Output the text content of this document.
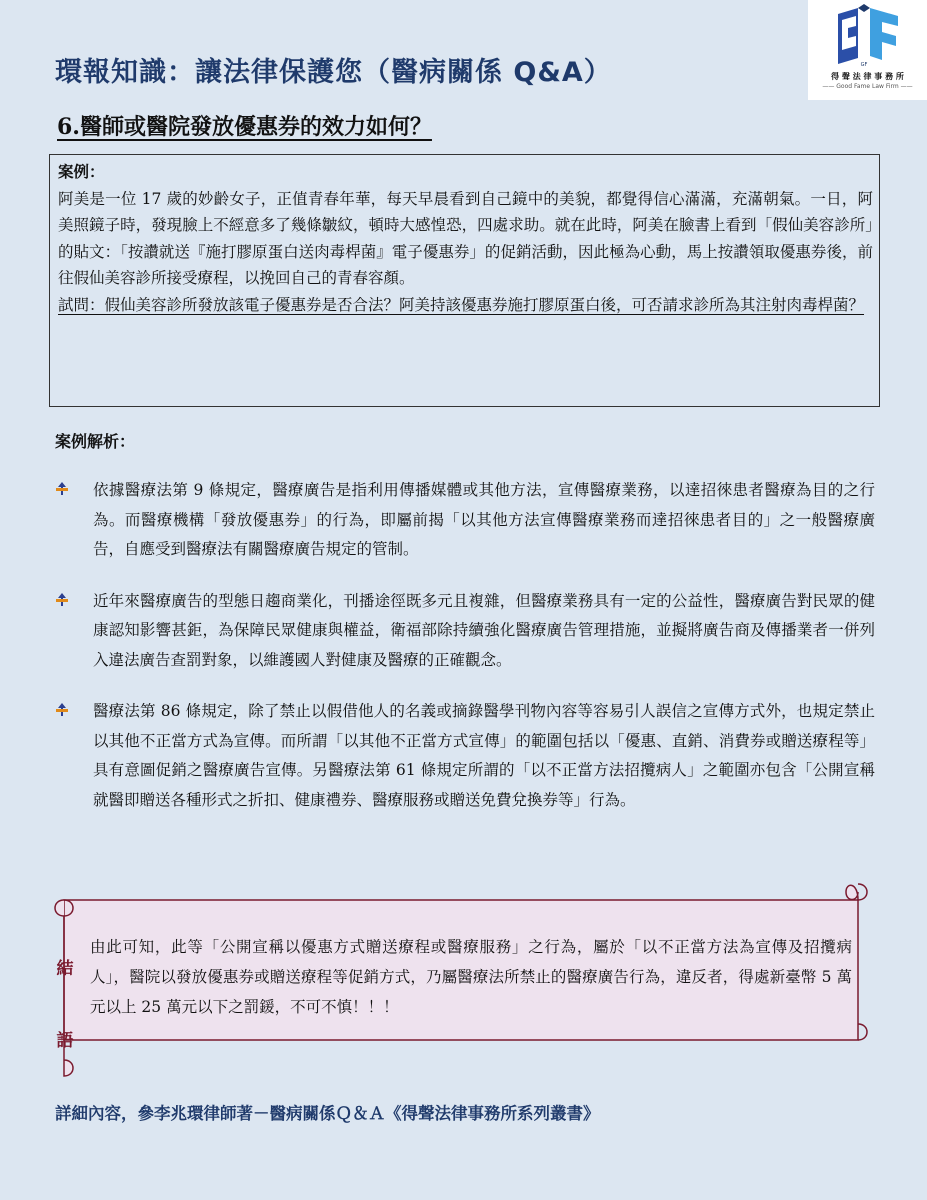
環報知識：讓法律保護您（醫病關係 Q&A）	GF
得 聲 法 律 事 務 所
—— Good Fame Law Firm ——
6.醫師或醫院發放優惠券的效力如何？
案例：
阿美是一位 17 歲的妙齡女子，正值青春年華，每天早晨看到自己鏡中的美貌，都覺得信心滿滿，充滿朝氣。一日，阿美照鏡子時，發現臉上不經意多了幾條皺紋，頓時大感惶恐，四處求助。就在此時，阿美在臉書上看到「假仙美容診所」的貼文：「按讚就送『施打膠原蛋白送肉毒桿菌』電子優惠券」的促銷活動，因此極為心動，馬上按讚領取優惠券後，前往假仙美容診所接受療程，以挽回自己的青春容顏。
試問：假仙美容診所發放該電子優惠券是否合法？阿美持該優惠券施打膠原蛋白後，可否請求診所為其注射肉毒桿菌？
案例解析：
依據醫療法第 9 條規定，醫療廣告是指利用傳播媒體或其他方法，宣傳醫療業務，以達招徠患者醫療為目的之行為。而醫療機構「發放優惠券」的行為，即屬前揭「以其他方法宣傳醫療業務而達招徠患者目的」之一般醫療廣告，自應受到醫療法有關醫療廣告規定的管制。
近年來醫療廣告的型態日趨商業化，刊播途徑既多元且複雜，但醫療業務具有一定的公益性，醫療廣告對民眾的健康認知影響甚鉅，為保障民眾健康與權益，衛福部除持續強化醫療廣告管理措施，並擬將廣告商及傳播業者一併列入違法廣告查罰對象，以維護國人對健康及醫療的正確觀念。
醫療法第 86 條規定，除了禁止以假借他人的名義或摘錄醫學刊物內容等容易引人誤信之宣傳方式外，也規定禁止以其他不正當方式為宣傳。而所謂「以其他不正當方式宣傳」的範圍包括以「優惠、直銷、消費券或贈送療程等」具有意圖促銷之醫療廣告宣傳。另醫療法第 61 條規定所謂的「以不正當方法招攬病人」之範圍亦包含「公開宣稱就醫即贈送各種形式之折扣、健康禮券、醫療服務或贈送免費兌換券等」行為。
結
語
由此可知，此等「公開宣稱以優惠方式贈送療程或醫療服務」之行為，屬於「以不正當方法為宣傳及招攬病人」，醫院以發放優惠券或贈送療程等促銷方式，乃屬醫療法所禁止的醫療廣告行為，違反者，得處新臺幣 5 萬元以上 25 萬元以下之罰鍰，不可不慎！！！
詳細內容，參李兆環律師著－醫病關係Ｑ＆Ａ《得聲法律事務所系列叢書》
